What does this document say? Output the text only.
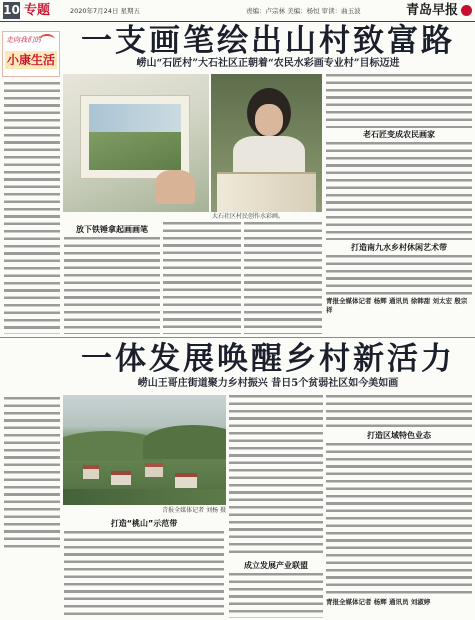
10 专题	2020年7月24日 星期五	责编：卢宗林 美编：杨恒 审读：曲玉波	青岛早报
走向我们的
小康生活
一支画笔绘出山村致富路
崂山“石匠村”大石社区正朝着“农民水彩画专业村”目标迈进
大石社区村民创作水彩画。
放下铁锤拿起画画笔
老石匠变成农民画家
打造南九水乡村休闲艺术带
青报全媒体记者 杨辉 通讯员 徐韩甜 刘太宏 殷宗祥
一体发展唤醒乡村新活力
崂山王哥庄街道聚力乡村振兴 昔日5个贫弱社区如今美如画
青报全媒体记者 刘杨 摄
打造“桃山”示范带
成立发展产业联盟
打造区域特色业态
青报全媒体记者 杨辉 通讯员 刘淑婷
